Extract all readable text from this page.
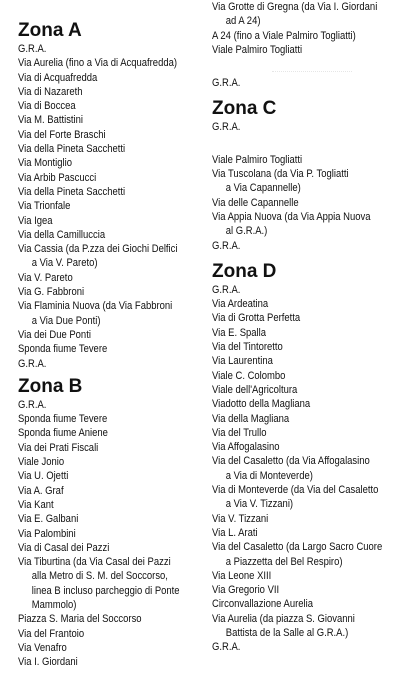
Zona A
G.R.A.
Via Aurelia (fino a Via di Acquafredda)
Via di Acquafredda
Via di Nazareth
Via di Boccea
Via M. Battistini
Via del Forte Braschi
Via della Pineta Sacchetti
Via Montiglio
Via Arbib Pascucci
Via della Pineta Sacchetti
Via Trionfale
Via Igea
Via della Camilluccia
Via Cassia (da P.zza dei Giochi Delfici
a Via V. Pareto)
Via V. Pareto
Via G. Fabbroni
Via Flaminia Nuova (da Via Fabbroni
a Via Due Ponti)
Via dei Due Ponti
Sponda fiume Tevere
G.R.A.
Zona B
G.R.A.
Sponda fiume Tevere
Sponda fiume Aniene
Via dei Prati Fiscali
Viale Jonio
Via U. Ojetti
Via A. Graf
Via Kant
Via E. Galbani
Via Palombini
Via di Casal dei Pazzi
Via Tiburtina (da Via Casal dei Pazzi
alla Metro di S. M. del Soccorso,
linea B incluso parcheggio di Ponte
Mammolo)
Piazza S. Maria del Soccorso
Via del Frantoio
Via Venafro
Via I. Giordani
Via Grotte di Gregna (da Via I. Giordani
ad A 24)
A 24 (fino a Viale Palmiro Togliatti)
Viale Palmiro Togliatti
G.R.A.
Zona C
G.R.A.
Viale Palmiro Togliatti
Via Tuscolana (da Via P. Togliatti
a Via Capannelle)
Via delle Capannelle
Via Appia Nuova (da Via Appia Nuova
al G.R.A.)
G.R.A.
Zona D
G.R.A.
Via Ardeatina
Via di Grotta Perfetta
Via E. Spalla
Via del Tintoretto
Via Laurentina
Viale C. Colombo
Viale dell'Agricoltura
Viadotto della Magliana
Via della Magliana
Via del Trullo
Via Affogalasino
Via del Casaletto (da Via Affogalasino
a Via di Monteverde)
Via di Monteverde (da Via del Casaletto
a Via V. Tizzani)
Via V. Tizzani
Via L. Arati
Via del Casaletto (da Largo Sacro Cuore
a Piazzetta del Bel Respiro)
Via Leone XIII
Via Gregorio VII
Circonvallazione Aurelia
Via Aurelia (da piazza S. Giovanni
Battista de la Salle al G.R.A.)
G.R.A.
